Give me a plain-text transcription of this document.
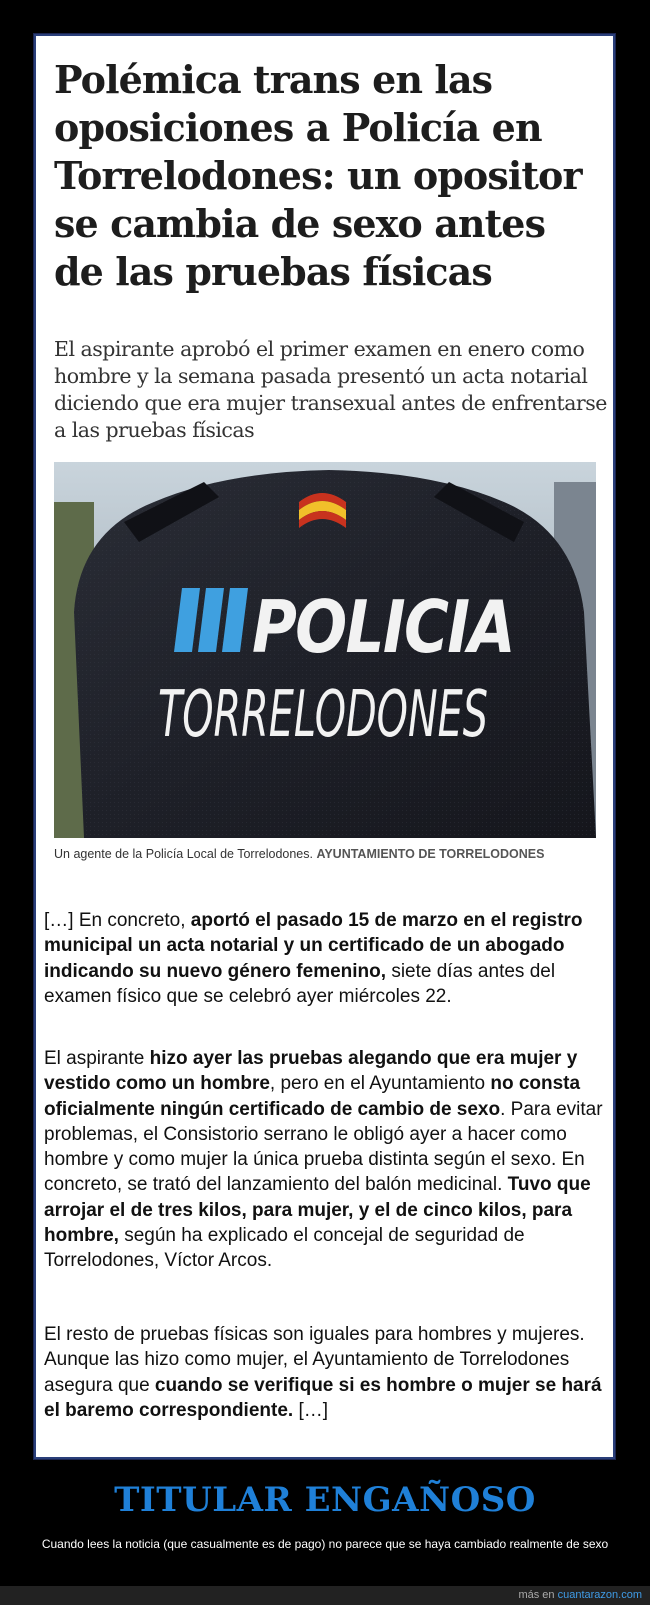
Polémica trans en las oposiciones a Policía en Torrelodones: un opositor se cambia de sexo antes de las pruebas físicas

El aspirante aprobó el primer examen en enero como hombre y la semana pasada presentó un acta notarial diciendo que era mujer transexual antes de enfrentarse a las pruebas físicas

POLICIA
TORRELODONES

Un agente de la Policía Local de Torrelodones. AYUNTAMIENTO DE TORRELODONES

[…] En concreto, aportó el pasado 15 de marzo en el registro municipal un acta notarial y un certificado de un abogado indicando su nuevo género femenino, siete días antes del examen físico que se celebró ayer miércoles 22.

El aspirante hizo ayer las pruebas alegando que era mujer y vestido como un hombre, pero en el Ayuntamiento no consta oficialmente ningún certificado de cambio de sexo. Para evitar problemas, el Consistorio serrano le obligó ayer a hacer como hombre y como mujer la única prueba distinta según el sexo. En concreto, se trató del lanzamiento del balón medicinal. Tuvo que arrojar el de tres kilos, para mujer, y el de cinco kilos, para hombre, según ha explicado el concejal de seguridad de Torrelodones, Víctor Arcos.

El resto de pruebas físicas son iguales para hombres y mujeres. Aunque las hizo como mujer, el Ayuntamiento de Torrelodones asegura que cuando se verifique si es hombre o mujer se hará el baremo correspondiente. […]

TITULAR ENGAÑOSO

Cuando lees la noticia (que casualmente es de pago) no parece que se haya cambiado realmente de sexo

más en cuantarazon.com
